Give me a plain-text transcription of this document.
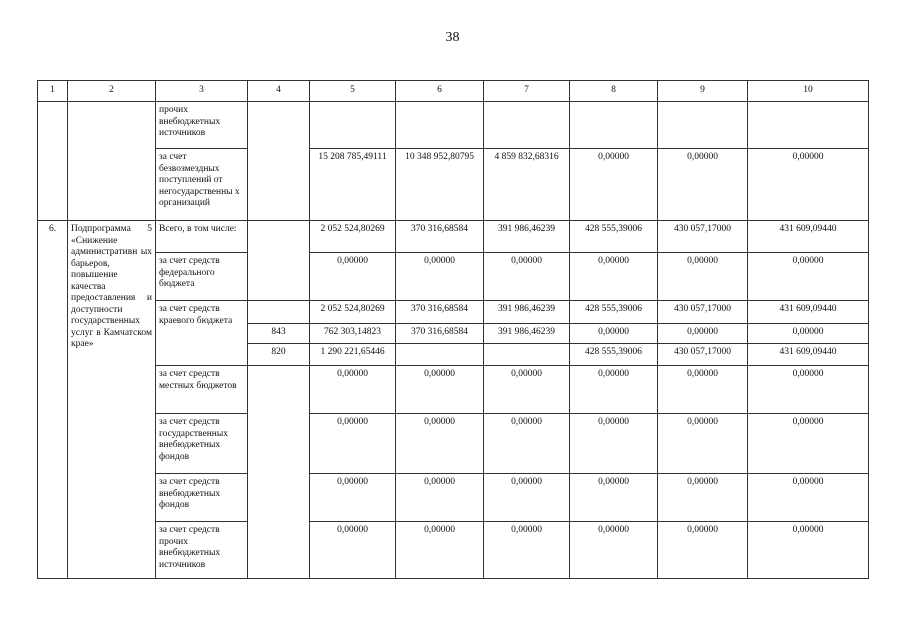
38
1	2	3	4	5	6	7	8	9	10
		прочих внебюджетных источников							
		за счет безвозмездных поступлений от негосударственны х организаций		15 208 785,49111	10 348 952,80795	4 859 832,68316	0,00000	0,00000	0,00000
6.	Подпрограмма 5 «Снижение административн ых барьеров, повышение качества предоставления и доступности государственных услуг в Камчатском крае»	Всего, в том числе:		2 052 524,80269	370 316,68584	391 986,46239	428 555,39006	430 057,17000	431 609,09440
		за счет средств федерального бюджета		0,00000	0,00000	0,00000	0,00000	0,00000	0,00000
		за счет средств краевого бюджета		2 052 524,80269	370 316,68584	391 986,46239	428 555,39006	430 057,17000	431 609,09440
			843	762 303,14823	370 316,68584	391 986,46239	0,00000	0,00000	0,00000
			820	1 290 221,65446			428 555,39006	430 057,17000	431 609,09440
		за счет средств местных бюджетов		0,00000	0,00000	0,00000	0,00000	0,00000	0,00000
		за счет средств государственных внебюджетных фондов		0,00000	0,00000	0,00000	0,00000	0,00000	0,00000
		за счет средств внебюджетных фондов		0,00000	0,00000	0,00000	0,00000	0,00000	0,00000
		за счет средств прочих внебюджетных источников		0,00000	0,00000	0,00000	0,00000	0,00000	0,00000
